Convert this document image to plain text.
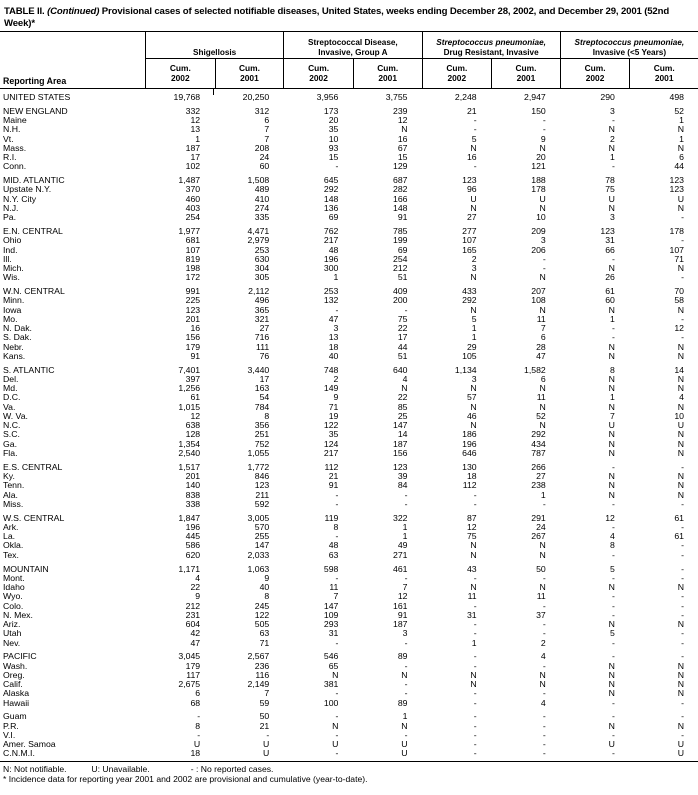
TABLE II. (Continued) Provisional cases of selected notifiable diseases, United States, weeks ending December 28, 2002, and December 29, 2001 (52nd Week)*
Reporting Area
Shigellosis
Cum.
2002
Cum.
2001
Streptococcal Disease,
Invasive, Group A
Cum.
2002
Cum.
2001
Streptococcus pneumoniae,
Drug Resistant, Invasive
Cum.
2002
Cum.
2001
Streptococcus pneumoniae,
Invasive (<5 Years)
Cum.
2002
Cum.
2001
UNITED STATES	19,768	20,250	3,956	3,755	2,248	2,947	290	498
NEW ENGLAND	332	312	173	239	21	150	3	52
Maine	12	6	20	12	-	-	-	1
N.H.	13	7	35	N	-	-	N	N
Vt.	1	7	10	16	5	9	2	1
Mass.	187	208	93	67	N	N	N	N
R.I.	17	24	15	15	16	20	1	6
Conn.	102	60	-	129	-	121	-	44
MID. ATLANTIC	1,487	1,508	645	687	123	188	78	123
Upstate N.Y.	370	489	292	282	96	178	75	123
N.Y. City	460	410	148	166	U	U	U	U
N.J.	403	274	136	148	N	N	N	N
Pa.	254	335	69	91	27	10	3	-
E.N. CENTRAL	1,977	4,471	762	785	277	209	123	178
Ohio	681	2,979	217	199	107	3	31	-
Ind.	107	253	48	69	165	206	66	107
Ill.	819	630	196	254	2	-	-	71
Mich.	198	304	300	212	3	-	N	N
Wis.	172	305	1	51	N	N	26	-
W.N. CENTRAL	991	2,112	253	409	433	207	61	70
Minn.	225	496	132	200	292	108	60	58
Iowa	123	365	-	-	N	N	N	N
Mo.	201	321	47	75	5	11	1	-
N. Dak.	16	27	3	22	1	7	-	12
S. Dak.	156	716	13	17	1	6	-	-
Nebr.	179	111	18	44	29	28	N	N
Kans.	91	76	40	51	105	47	N	N
S. ATLANTIC	7,401	3,440	748	640	1,134	1,582	8	14
Del.	397	17	2	4	3	6	N	N
Md.	1,256	163	149	N	N	N	N	N
D.C.	61	54	9	22	57	11	1	4
Va.	1,015	784	71	85	N	N	N	N
W. Va.	12	8	19	25	46	52	7	10
N.C.	638	356	122	147	N	N	U	U
S.C.	128	251	35	14	186	292	N	N
Ga.	1,354	752	124	187	196	434	N	N
Fla.	2,540	1,055	217	156	646	787	N	N
E.S. CENTRAL	1,517	1,772	112	123	130	266	-	-
Ky.	201	846	21	39	18	27	N	N
Tenn.	140	123	91	84	112	238	N	N
Ala.	838	211	-	-	-	1	N	N
Miss.	338	592	-	-	-	-	-	-
W.S. CENTRAL	1,847	3,005	119	322	87	291	12	61
Ark.	196	570	8	1	12	24	-	-
La.	445	255	-	1	75	267	4	61
Okla.	586	147	48	49	N	N	8	-
Tex.	620	2,033	63	271	N	N	-	-
MOUNTAIN	1,171	1,063	598	461	43	50	5	-
Mont.	4	9	-	-	-	-	-	-
Idaho	22	40	11	7	N	N	N	N
Wyo.	9	8	7	12	11	11	-	-
Colo.	212	245	147	161	-	-	-	-
N. Mex.	231	122	109	91	31	37	-	-
Ariz.	604	505	293	187	-	-	N	N
Utah	42	63	31	3	-	-	5	-
Nev.	47	71	-	-	1	2	-	-
PACIFIC	3,045	2,567	546	89	-	4	-	-
Wash.	179	236	65	-	-	-	N	N
Oreg.	117	116	N	N	N	N	N	N
Calif.	2,675	2,149	381	-	N	N	N	N
Alaska	6	7	-	-	-	-	N	N
Hawaii	68	59	100	89	-	4	-	-
Guam	-	50	-	1	-	-	-	-
P.R.	8	21	N	N	-	-	N	N
V.I.	-	-	-	-	-	-	-	-
Amer. Samoa	U	U	U	U	-	-	U	U
C.N.M.I.	18	U	-	U	-	-	-	U
N: Not notifiable.	U: Unavailable.	- : No reported cases.
* Incidence data for reporting year 2001 and 2002 are provisional and cumulative (year-to-date).
